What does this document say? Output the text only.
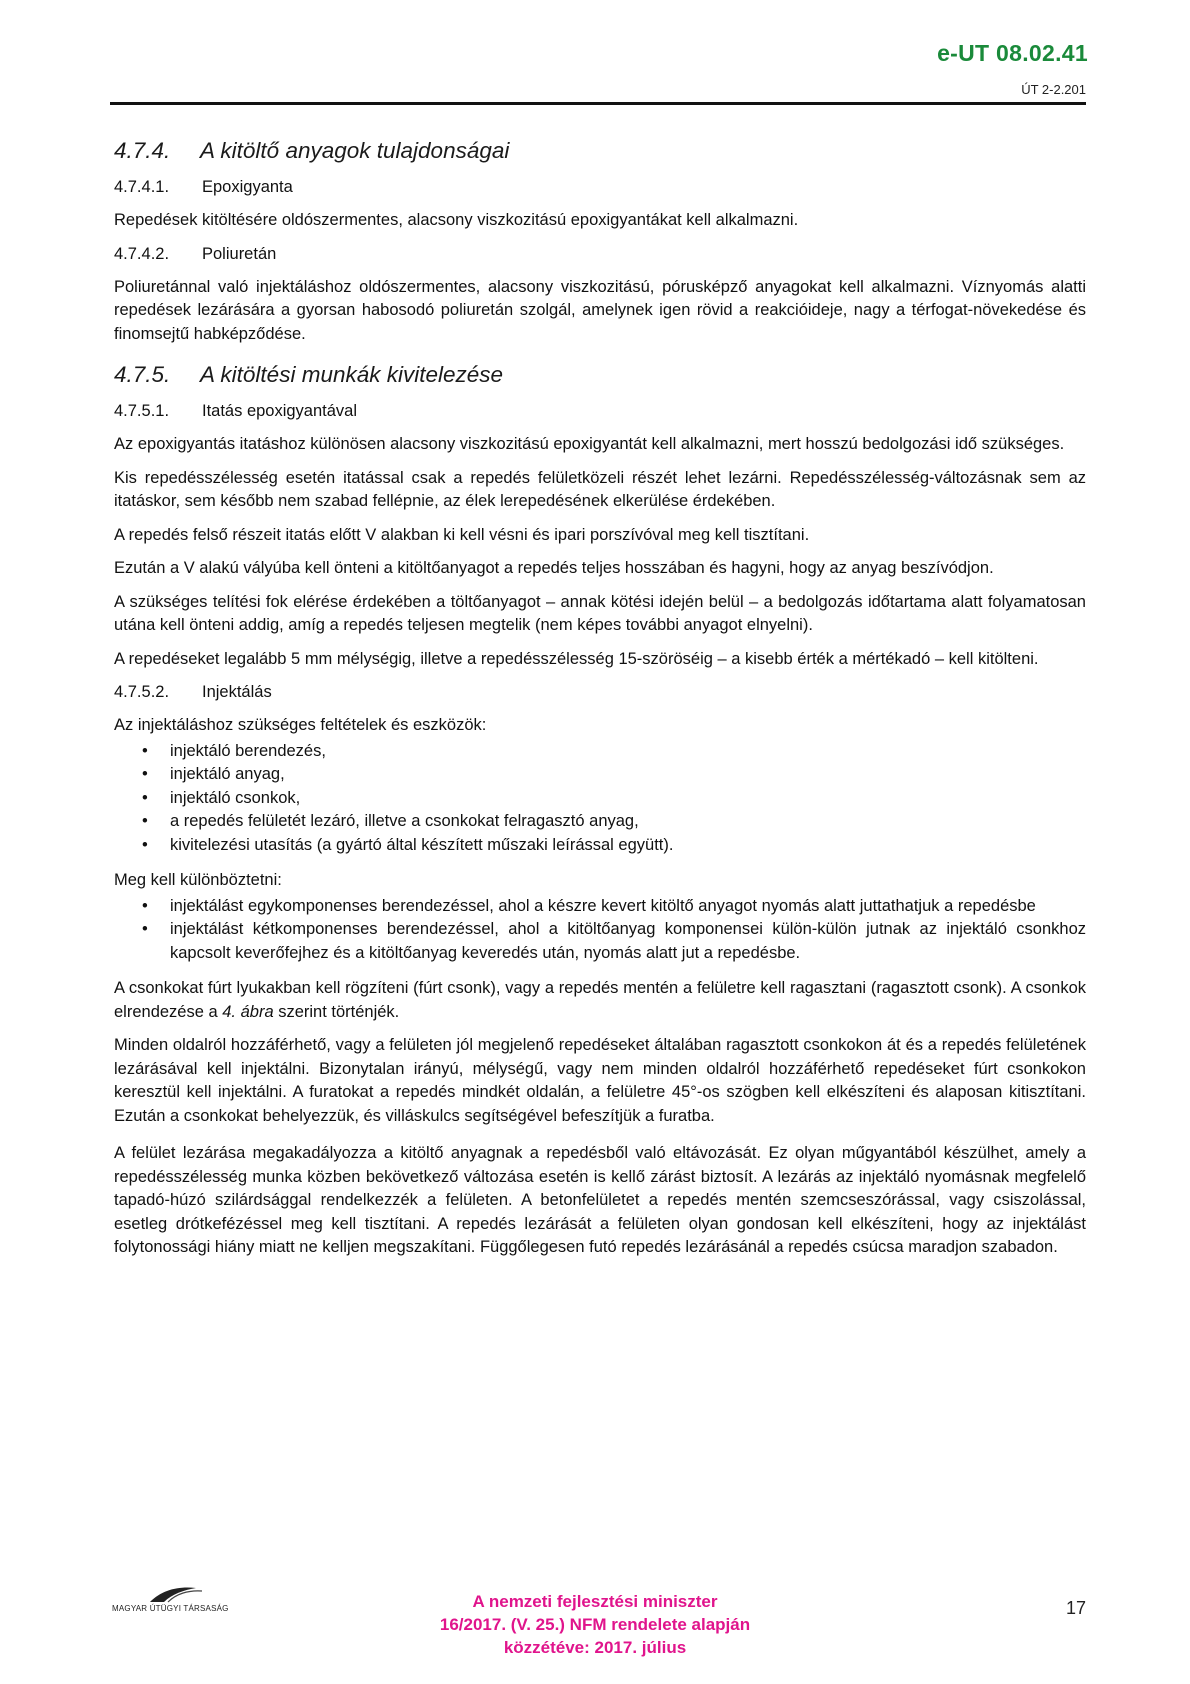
e-UT 08.02.41
ÚT 2-2.201
4.7.4. A kitöltő anyagok tulajdonságai
4.7.4.1. Epoxigyanta

Repedések kitöltésére oldószermentes, alacsony viszkozitású epoxigyantákat kell alkalmazni.

4.7.4.2. Poliuretán

Poliuretánnal való injektáláshoz oldószermentes, alacsony viszkozitású, pórusképző anyagokat kell alkalmazni. Víznyomás alatti repedések lezárására a gyorsan habosodó poliuretán szolgál, amelynek igen rövid a reakcióideje, nagy a térfogat-növekedése és finomsejtű habképződése.

4.7.5. A kitöltési munkák kivitelezése
4.7.5.1. Itatás epoxigyantával

Az epoxigyantás itatáshoz különösen alacsony viszkozitású epoxigyantát kell alkalmazni, mert hosszú bedolgozási idő szükséges.

Kis repedésszélesség esetén itatással csak a repedés felületközeli részét lehet lezárni. Repedésszélesség-változásnak sem az itatáskor, sem később nem szabad fellépnie, az élek lerepedésének elkerülése érdekében.

A repedés felső részeit itatás előtt V alakban ki kell vésni és ipari porszívóval meg kell tisztítani.

Ezután a V alakú vályúba kell önteni a kitöltőanyagot a repedés teljes hosszában és hagyni, hogy az anyag beszívódjon.

A szükséges telítési fok elérése érdekében a töltőanyagot – annak kötési idején belül – a bedolgozás időtartama alatt folyamatosan utána kell önteni addig, amíg a repedés teljesen megtelik (nem képes további anyagot elnyelni).

A repedéseket legalább 5 mm mélységig, illetve a repedésszélesség 15-szöröséig – a kisebb érték a mértékadó – kell kitölteni.

4.7.5.2. Injektálás

Az injektáláshoz szükséges feltételek és eszközök:

• injektáló berendezés,
• injektáló anyag,
• injektáló csonkok,
• a repedés felületét lezáró, illetve a csonkokat felragasztó anyag,
• kivitelezési utasítás (a gyártó által készített műszaki leírással együtt).

Meg kell különböztetni:

• injektálást egykomponenses berendezéssel, ahol a készre kevert kitöltő anyagot nyomás alatt juttathatjuk a repedésbe
• injektálást kétkomponenses berendezéssel, ahol a kitöltőanyag komponensei külön-külön jutnak az injektáló csonkhoz kapcsolt keverőfejhez és a kitöltőanyag keveredés után, nyomás alatt jut a repedésbe.

A csonkokat fúrt lyukakban kell rögzíteni (fúrt csonk), vagy a repedés mentén a felületre kell ragasztani (ragasztott csonk). A csonkok elrendezése a 4. ábra szerint történjék.

Minden oldalról hozzáférhető, vagy a felületen jól megjelenő repedéseket általában ragasztott csonkokon át és a repedés felületének lezárásával kell injektálni. Bizonytalan irányú, mélységű, vagy nem minden oldalról hozzáférhető repedéseket fúrt csonkokon keresztül kell injektálni. A furatokat a repedés mindkét oldalán, a felületre 45°-os szögben kell elkészíteni és alaposan kitisztítani. Ezután a csonkokat behelyezzük, és villáskulcs segítségével befeszítjük a furatba.

A felület lezárása megakadályozza a kitöltő anyagnak a repedésből való eltávozását. Ez olyan műgyantából készülhet, amely a repedésszélesség munka közben bekövetkező változása esetén is kellő zárást biztosít. A lezárás az injektáló nyomásnak megfelelő tapadó-húzó szilárdsággal rendelkezzék a felületen. A betonfelületet a repedés mentén szemcseszórással, vagy csiszolással, esetleg drótkefézéssel meg kell tisztítani. A repedés lezárását a felületen olyan gondosan kell elkészíteni, hogy az injektálást folytonossági hiány miatt ne kelljen megszakítani. Függőlegesen futó repedés lezárásánál a repedés csúcsa maradjon szabadon.

MAGYAR ÚTÜGYI TÁRSASÁG	A nemzeti fejlesztési miniszter
16/2017. (V. 25.) NFM rendelete alapján
közzétéve: 2017. július
17
